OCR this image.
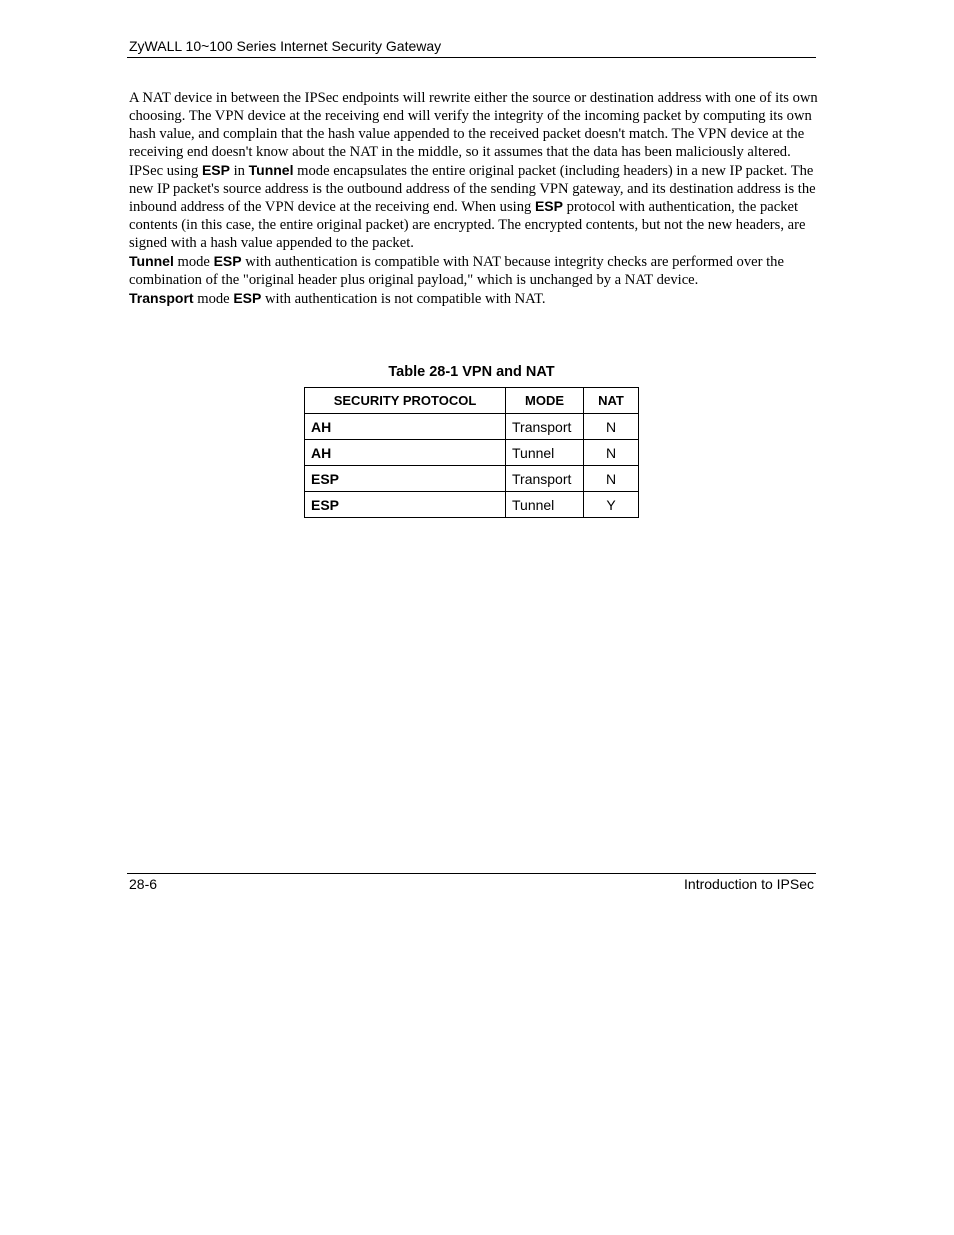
ZyWALL 10~100 Series Internet Security Gateway

A NAT device in between the IPSec endpoints will rewrite either the source or destination address with one of its own choosing. The VPN device at the receiving end will verify the integrity of the incoming packet by computing its own hash value, and complain that the hash value appended to the received packet doesn't match. The VPN device at the receiving end doesn't know about the NAT in the middle, so it assumes that the data has been maliciously altered.

IPSec using ESP in Tunnel mode encapsulates the entire original packet (including headers) in a new IP packet. The new IP packet's source address is the outbound address of the sending VPN gateway, and its destination address is the inbound address of the VPN device at the receiving end. When using ESP protocol with authentication, the packet contents (in this case, the entire original packet) are encrypted. The encrypted contents, but not the new headers, are signed with a hash value appended to the packet.

Tunnel mode ESP with authentication is compatible with NAT because integrity checks are performed over the combination of the "original header plus original payload," which is unchanged by a NAT device.

Transport mode ESP with authentication is not compatible with NAT.

Table 28-1 VPN and NAT
SECURITY PROTOCOL	MODE	NAT
AH	Transport	N
AH	Tunnel	N
ESP	Transport	N
ESP	Tunnel	Y
28-6	Introduction to IPSec
